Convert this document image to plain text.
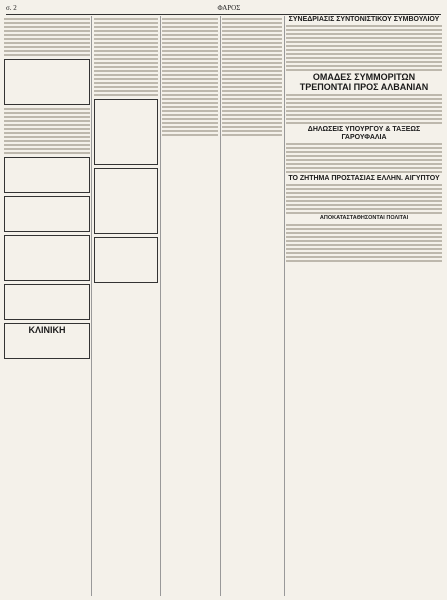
σ. 2	ΦΑΡΟΣ
ΚΛΙΝΙΚΗ
ΣΥΝΕΔΡΙΑΣΙΣ ΣΥΝΤΟΝΙΣΤΙΚΟΥ ΣΥΜΒΟΥΛΙΟΥ
ΟΜΑΔΕΣ ΣΥΜΜΟΡΙΤΩΝ ΤΡΕΠΟΝΤΑΙ ΠΡΟΣ ΑΛΒΑΝΙΑΝ
ΔΗΛΩΣΕΙΣ ΥΠΟΥΡΓΟΥ & ΤΑΞΕΩΣ ΓΑΡΟΥΦΑΛΙΑ
ΤΟ ΖΗΤΗΜΑ ΠΡΟΣΤΑΣΙΑΣ ΕΛΛΗΝ. ΑΙΓΥΠΤΟΥ
ΑΠΟΚΑΤΑΣΤΑΘΗΣΟΝΤΑΙ ΠΟΛΙΤΑΙ
